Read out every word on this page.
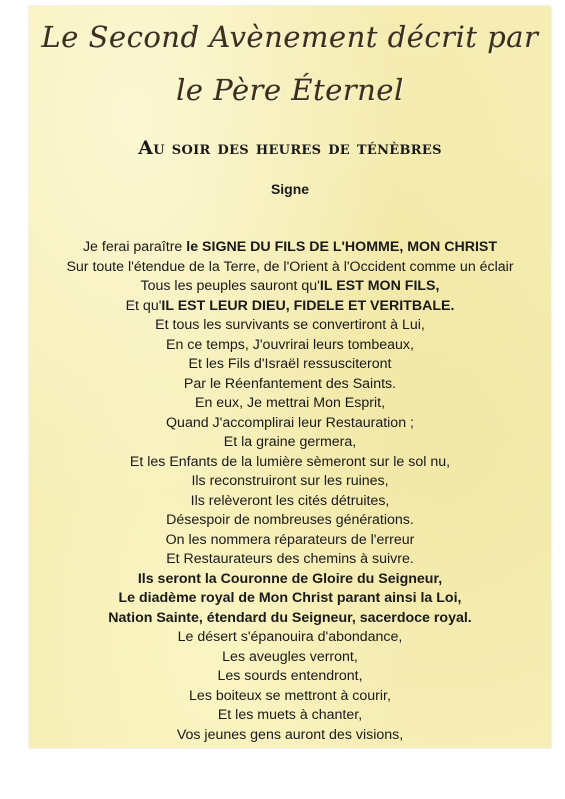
Le Second Avènement décrit par
le Père Éternel
Au soir des heures de ténèbres
Signe
Je ferai paraître le SIGNE DU FILS DE L'HOMME, MON CHRIST
Sur toute l'étendue de la Terre, de l'Orient à l'Occident comme un éclair
Tous les peuples sauront qu'IL EST MON FILS,
Et qu'IL EST LEUR DIEU, FIDELE ET VERITBALE.
Et tous les survivants se convertiront à Lui,
En ce temps, J'ouvrirai leurs tombeaux,
Et les Fils d'Israël ressusciteront
Par le Réenfantement des Saints.
En eux, Je mettrai Mon Esprit,
Quand J'accomplirai leur Restauration ;
Et la graine germera,
Et les Enfants de la lumière sèmeront sur le sol nu,
Ils reconstruiront sur les ruines,
Ils relèveront les cités détruites,
Désespoir de nombreuses générations.
On les nommera réparateurs de l'erreur
Et Restaurateurs des chemins à suivre.
Ils seront la Couronne de Gloire du Seigneur,
Le diadème royal de Mon Christ parant ainsi la Loi,
Nation Sainte, étendard du Seigneur, sacerdoce royal.
Le désert s'épanouira d'abondance,
Les aveugles verront,
Les sourds entendront,
Les boiteux se mettront à courir,
Et les muets à chanter,
Vos jeunes gens auront des visions,
